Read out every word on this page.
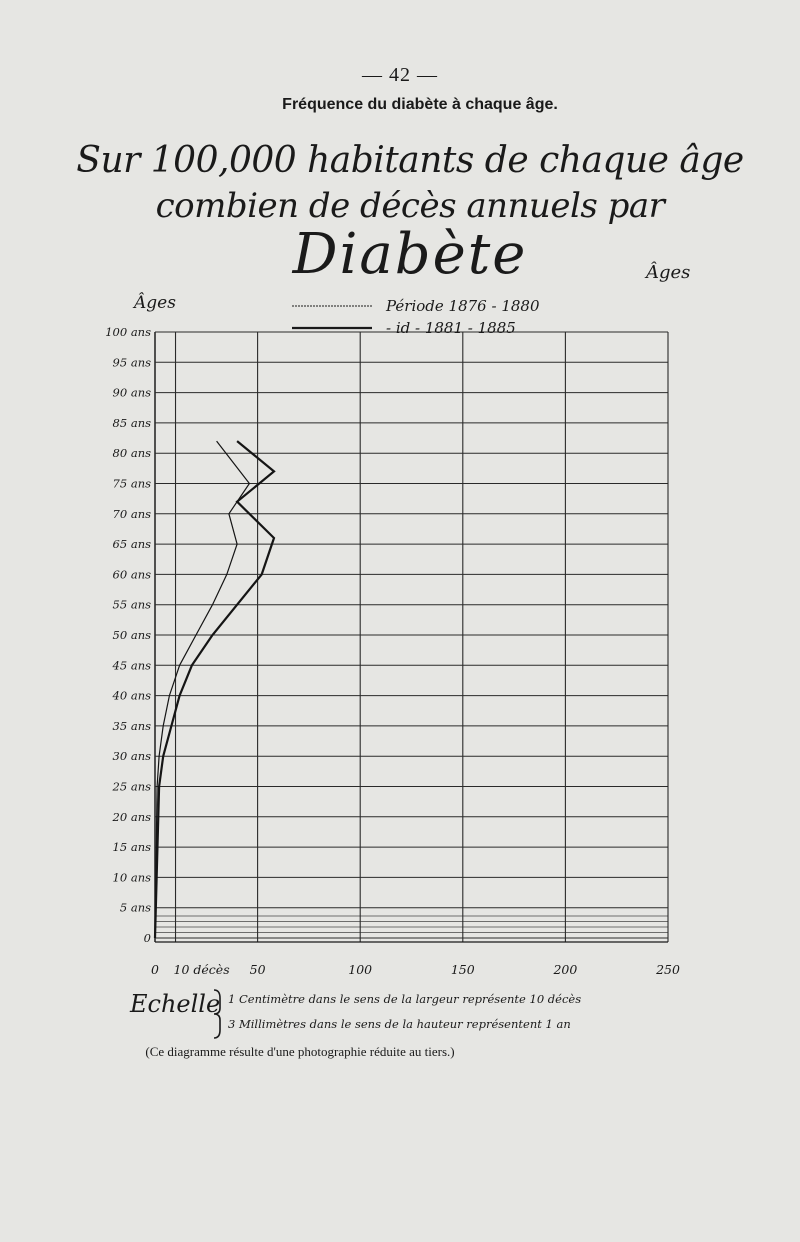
— 42 —
Fréquence du diabète à chaque âge.
Sur 100,000 habitants de chaque âge
combien de décès annuels par
Diabète	Âges
100 ans
95 ans
90 ans
85 ans
80 ans
75 ans
70 ans
65 ans
60 ans
55 ans
50 ans
45 ans
40 ans
35 ans
30 ans
25 ans
20 ans
15 ans
10 ans
5 ans
0
0 10 décès 50	100	150	200	250
Période 1876 - 1880
- id - 1881 - 1885
Âges
Echelle 1 Centimètre dans le sens de la largeur représente 10 décès
3 Millimètres dans le sens de la hauteur représentent 1 an
(Ce diagramme résulte d'une photographie réduite au tiers.)
